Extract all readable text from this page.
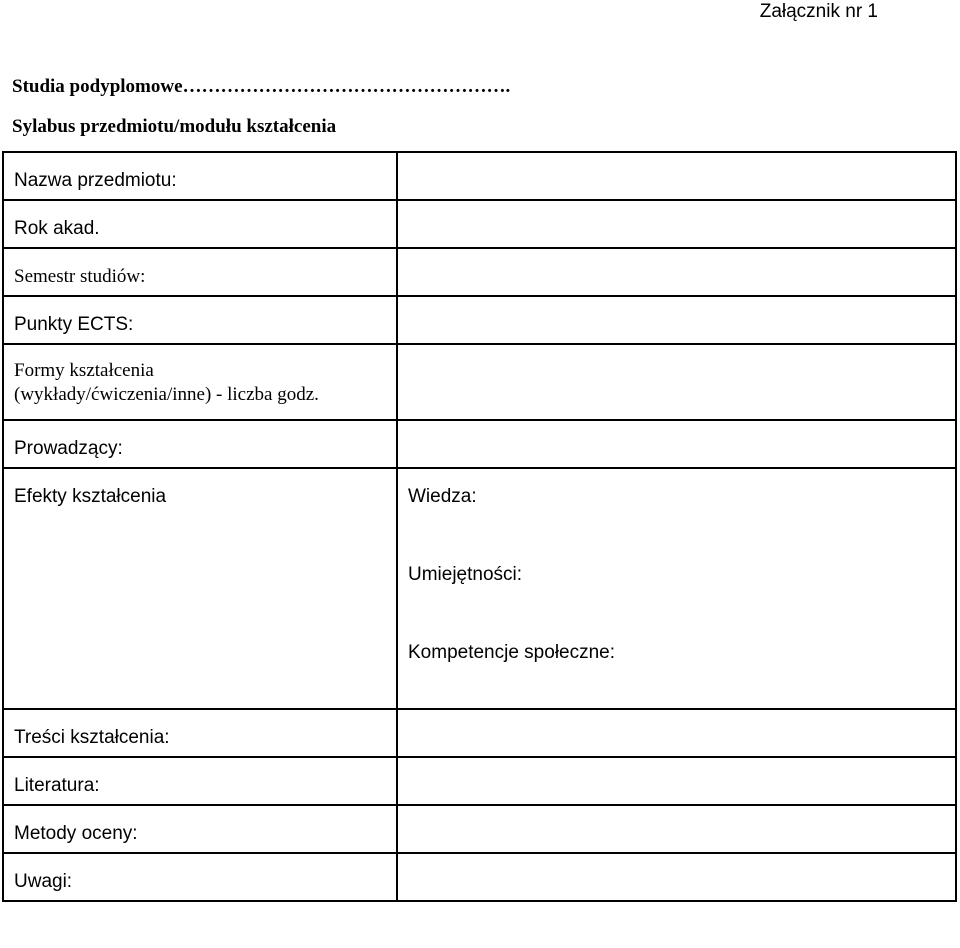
Załącznik nr 1
Studia podyplomowe…………………………………………….
Sylabus przedmiotu/modułu kształcenia
Nazwa przedmiotu:	

Rok akad.	

Semestr studiów:	

Punkty ECTS:	

Formy kształcenia
(wykłady/ćwiczenia/inne) - liczba godz.	

Prowadzący:	

Efekty kształcenia	Wiedza:
Umiejętności:
Kompetencje społeczne:

Treści kształcenia:	

Literatura:	

Metody oceny:	

Uwagi:	
